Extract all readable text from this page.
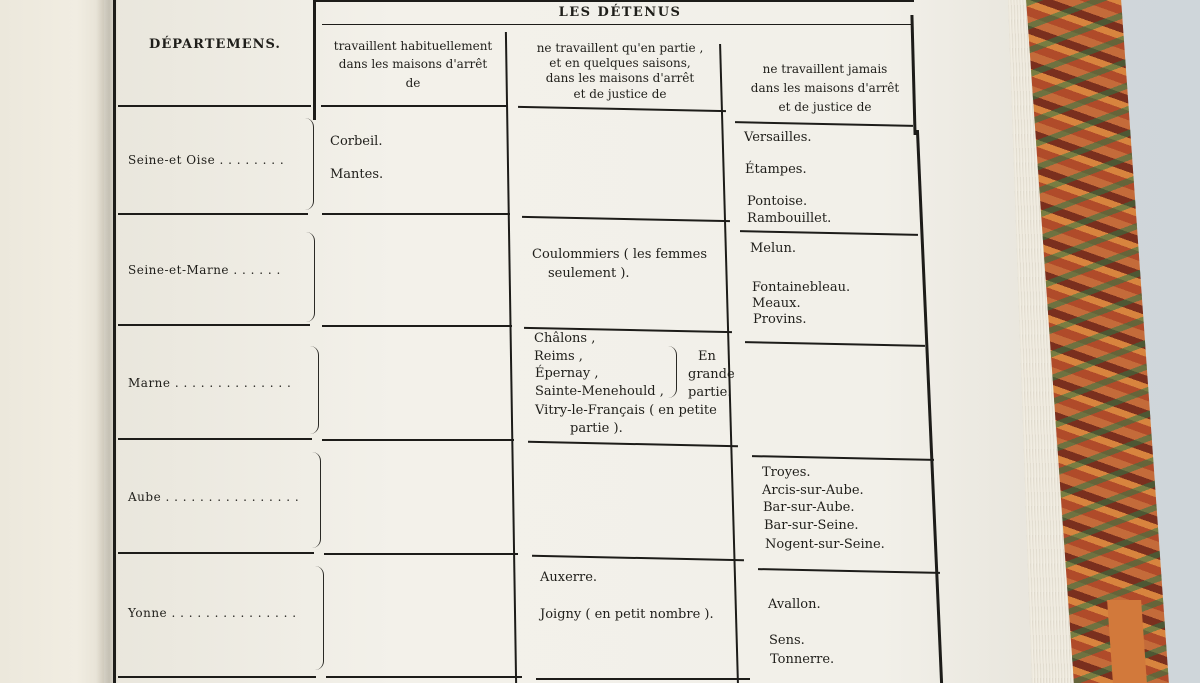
DÉPARTEMENS.
LES DÉTENUS
travaillent habituellement
dans les maisons d'arrêt
de
ne travaillent qu'en partie ,
et en quelques saisons,
dans les maisons d'arrêt
et de justice de
ne travaillent jamais
dans les maisons d'arrêt
et de justice de
Seine-et Oise . . . . . . . .
Corbeil.
Mantes.
Versailles.
Étampes.
Pontoise.
Rambouillet.
Seine-et-Marne . . . . . .
Coulommiers ( les femmes
seulement ).
Melun.
Fontainebleau.
Meaux.
Provins.
Marne . . . . . . . . . . . . . .
Châlons ,
Reims ,
Épernay ,
Sainte-Menehould ,
Vitry-le-Français ( en petite
partie ).
En
grande
partie.
Aube . . . . . . . . . . . . . . . .
Troyes.
Arcis-sur-Aube.
Bar-sur-Aube.
Bar-sur-Seine.
Nogent-sur-Seine.
Yonne . . . . . . . . . . . . . . .
Auxerre.
Joigny ( en petit nombre ).
Avallon.
Sens.
Tonnerre.
